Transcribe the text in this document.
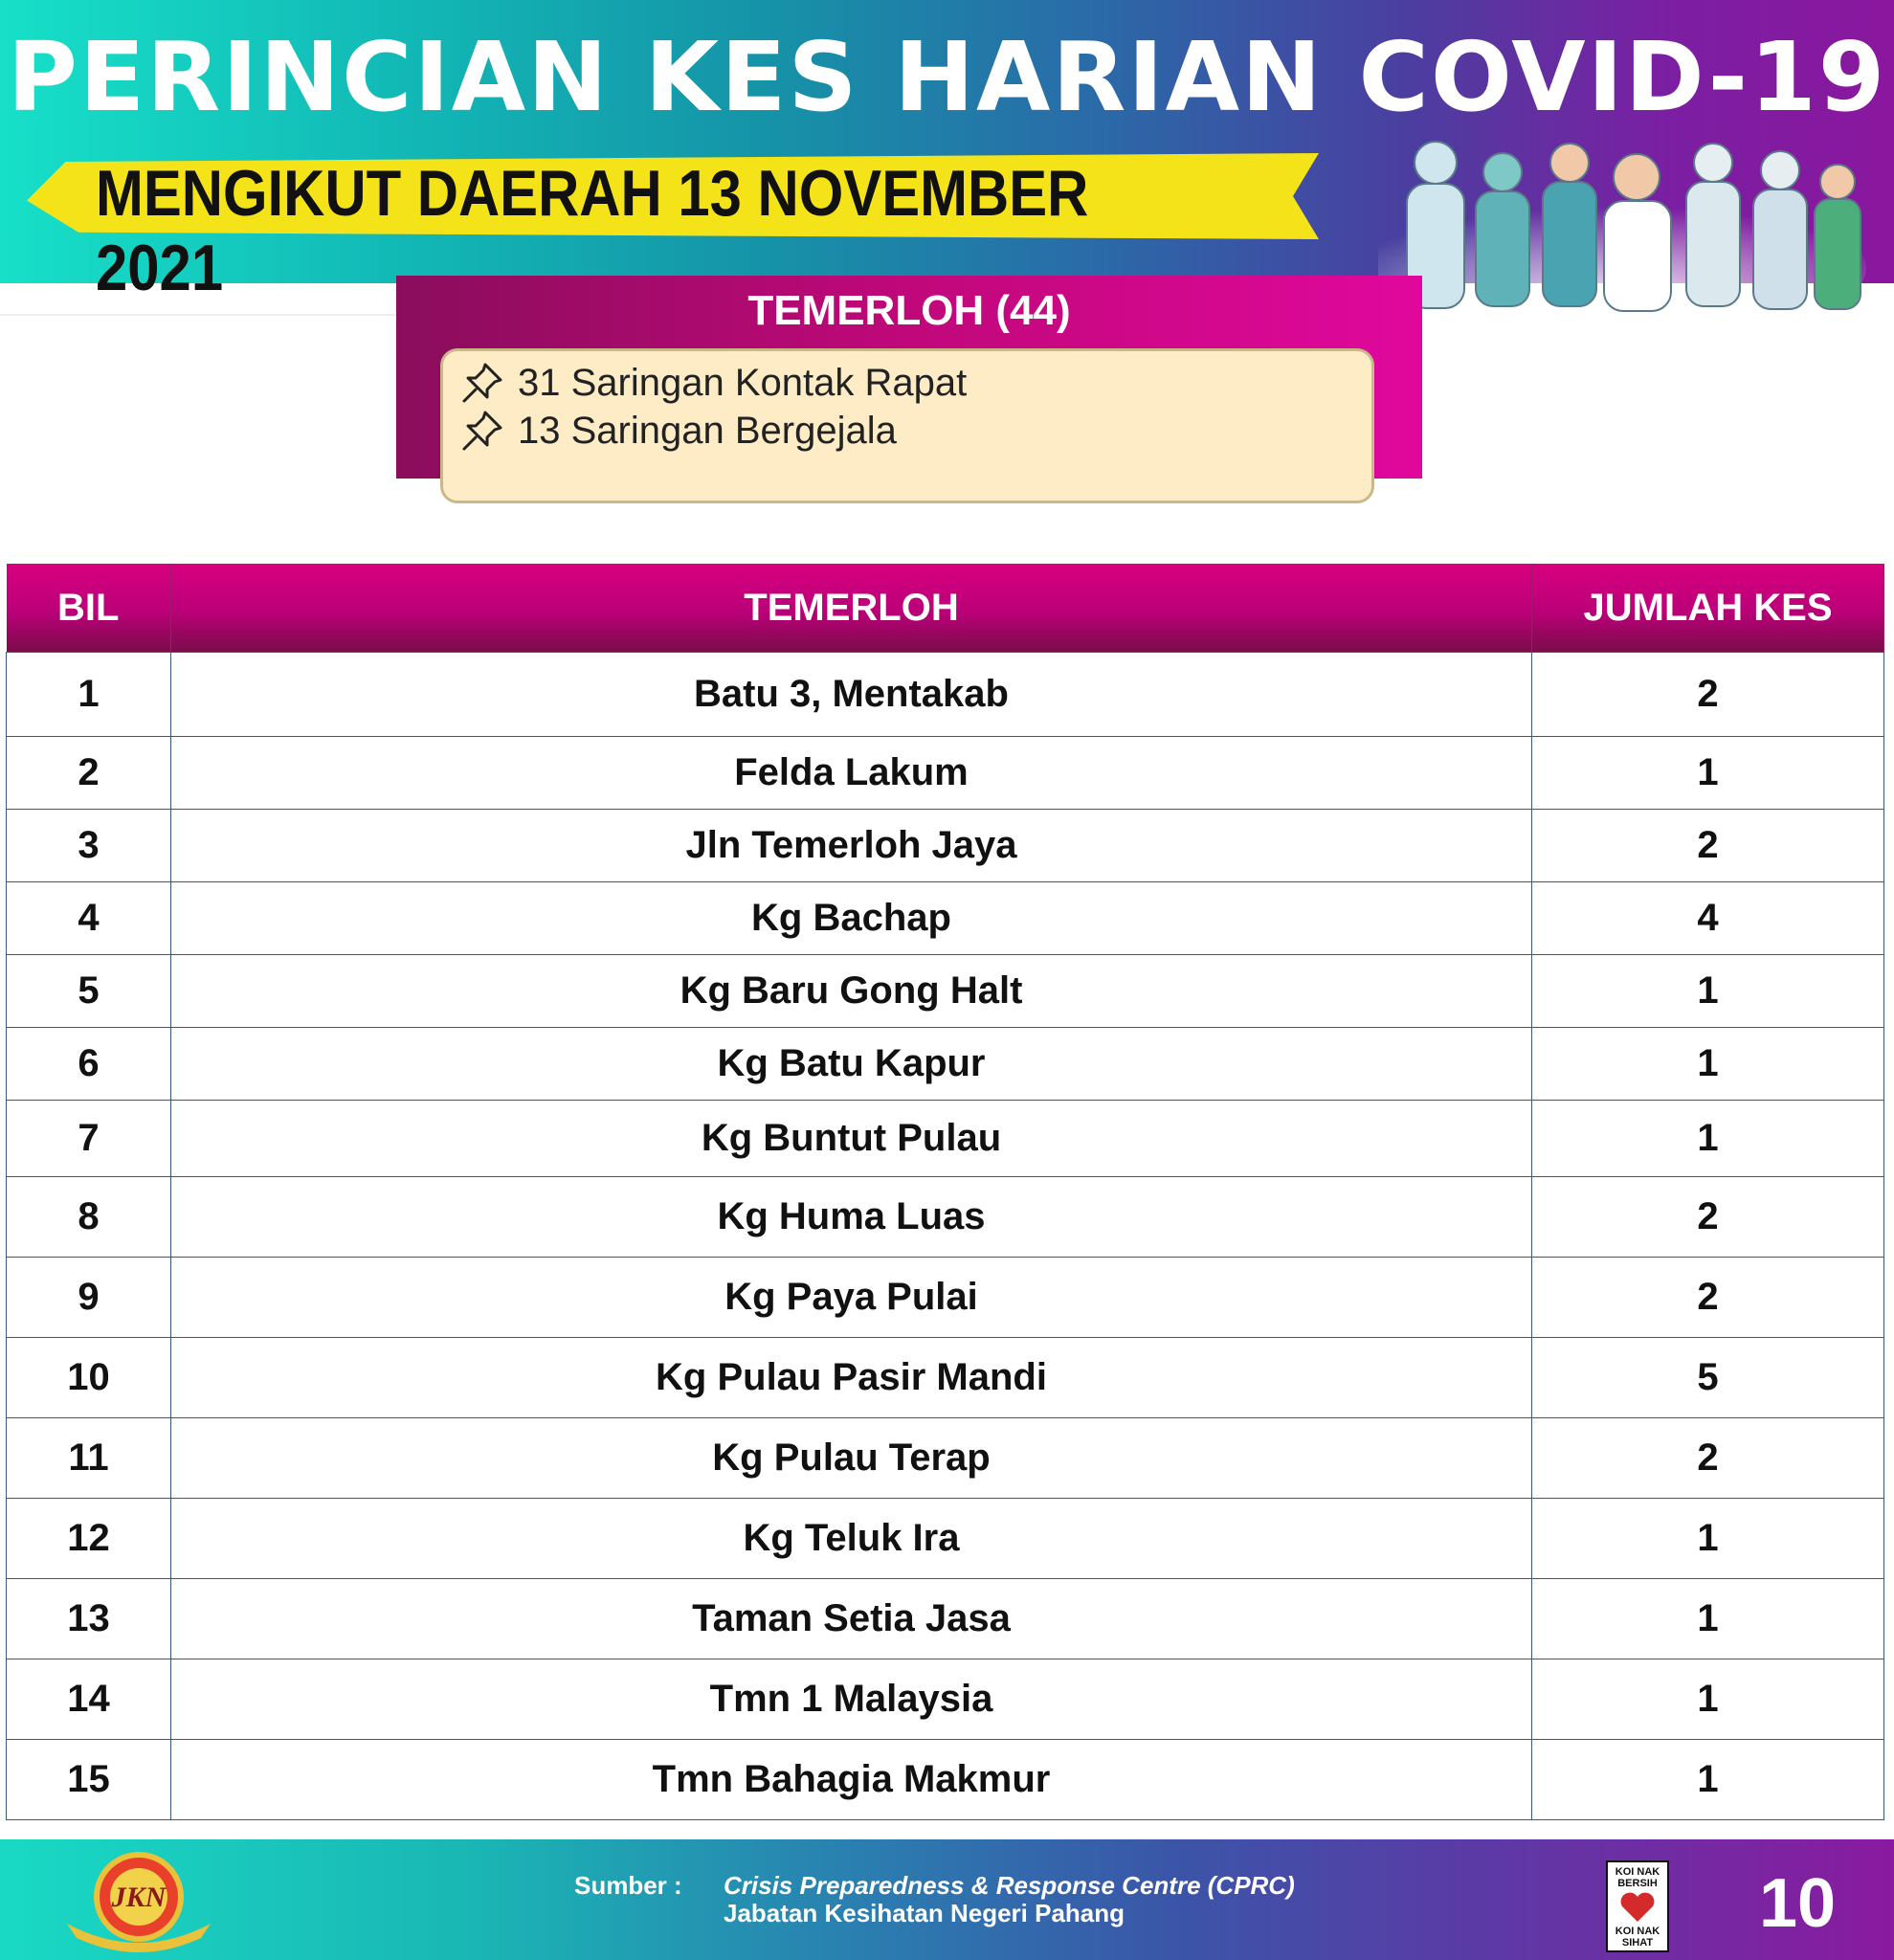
PERINCIAN KES HARIAN COVID-19
MENGIKUT DAERAH 13 NOVEMBER 2021
TEMERLOH (44)
31 Saringan Kontak Rapat
13 Saringan Bergejala
BIL	TEMERLOH	JUMLAH KES
1	Batu 3, Mentakab	2
2	Felda Lakum	1
3	Jln Temerloh Jaya	2
4	Kg Bachap	4
5	Kg Baru Gong Halt	1
6	Kg Batu Kapur	1
7	Kg Buntut Pulau	1
8	Kg Huma Luas	2
9	Kg Paya Pulai	2
10	Kg Pulau Pasir Mandi	5
11	Kg Pulau Terap	2
12	Kg Teluk Ira	1
13	Taman Setia Jasa	1
14	Tmn 1 Malaysia	1
15	Tmn Bahagia Makmur	1
JKN	Sumber : Crisis Preparedness & Response Centre (CPRC)
Jabatan Kesihatan Negeri Pahang
KOI NAK BERSIH
KOI NAK SIHAT
10
